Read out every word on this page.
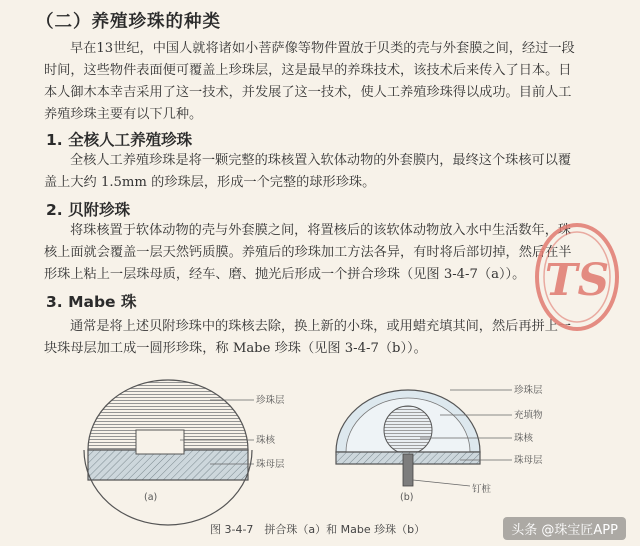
（二）养殖珍珠的种类
早在13世纪，中国人就将诸如小菩萨像等物件置放于贝类的壳与外套膜之间，经过一段
时间，这些物件表面便可覆盖上珍珠层，这是最早的养珠技术，该技术后来传入了日本。日
本人御木本幸吉采用了这一技术，并发展了这一技术，使人工养殖珍珠得以成功。目前人工
养殖珍珠主要有以下几种。
1. 全核人工养殖珍珠
全核人工养殖珍珠是将一颗完整的珠核置入软体动物的外套膜内，最终这个珠核可以覆
盖上大约 1.5mm 的珍珠层，形成一个完整的球形珍珠。
2. 贝附珍珠
将珠核置于软体动物的壳与外套膜之间，将置核后的该软体动物放入水中生活数年，珠
核上面就会覆盖一层天然钙质膜。养殖后的珍珠加工方法各异，有时将后部切掉，然后在半
形珠上粘上一层珠母质，经车、磨、抛光后形成一个拼合珍珠（见图 3-4-7（a））。
3. Mabe 珠
通常是将上述贝附珍珠中的珠核去除，换上新的小珠，或用蜡充填其间，然后再拼上一
块珠母层加工成一圆形珍珠，称 Mabe 珍珠（见图 3-4-7（b））。
TS
珍珠层
珠核
珠母层
(a)
珍珠层
充填物
珠核
珠母层
钉桩
(b)
图 3-4-7　拼合珠（a）和 Mabe 珍珠（b）	头条 @珠宝匠APP
